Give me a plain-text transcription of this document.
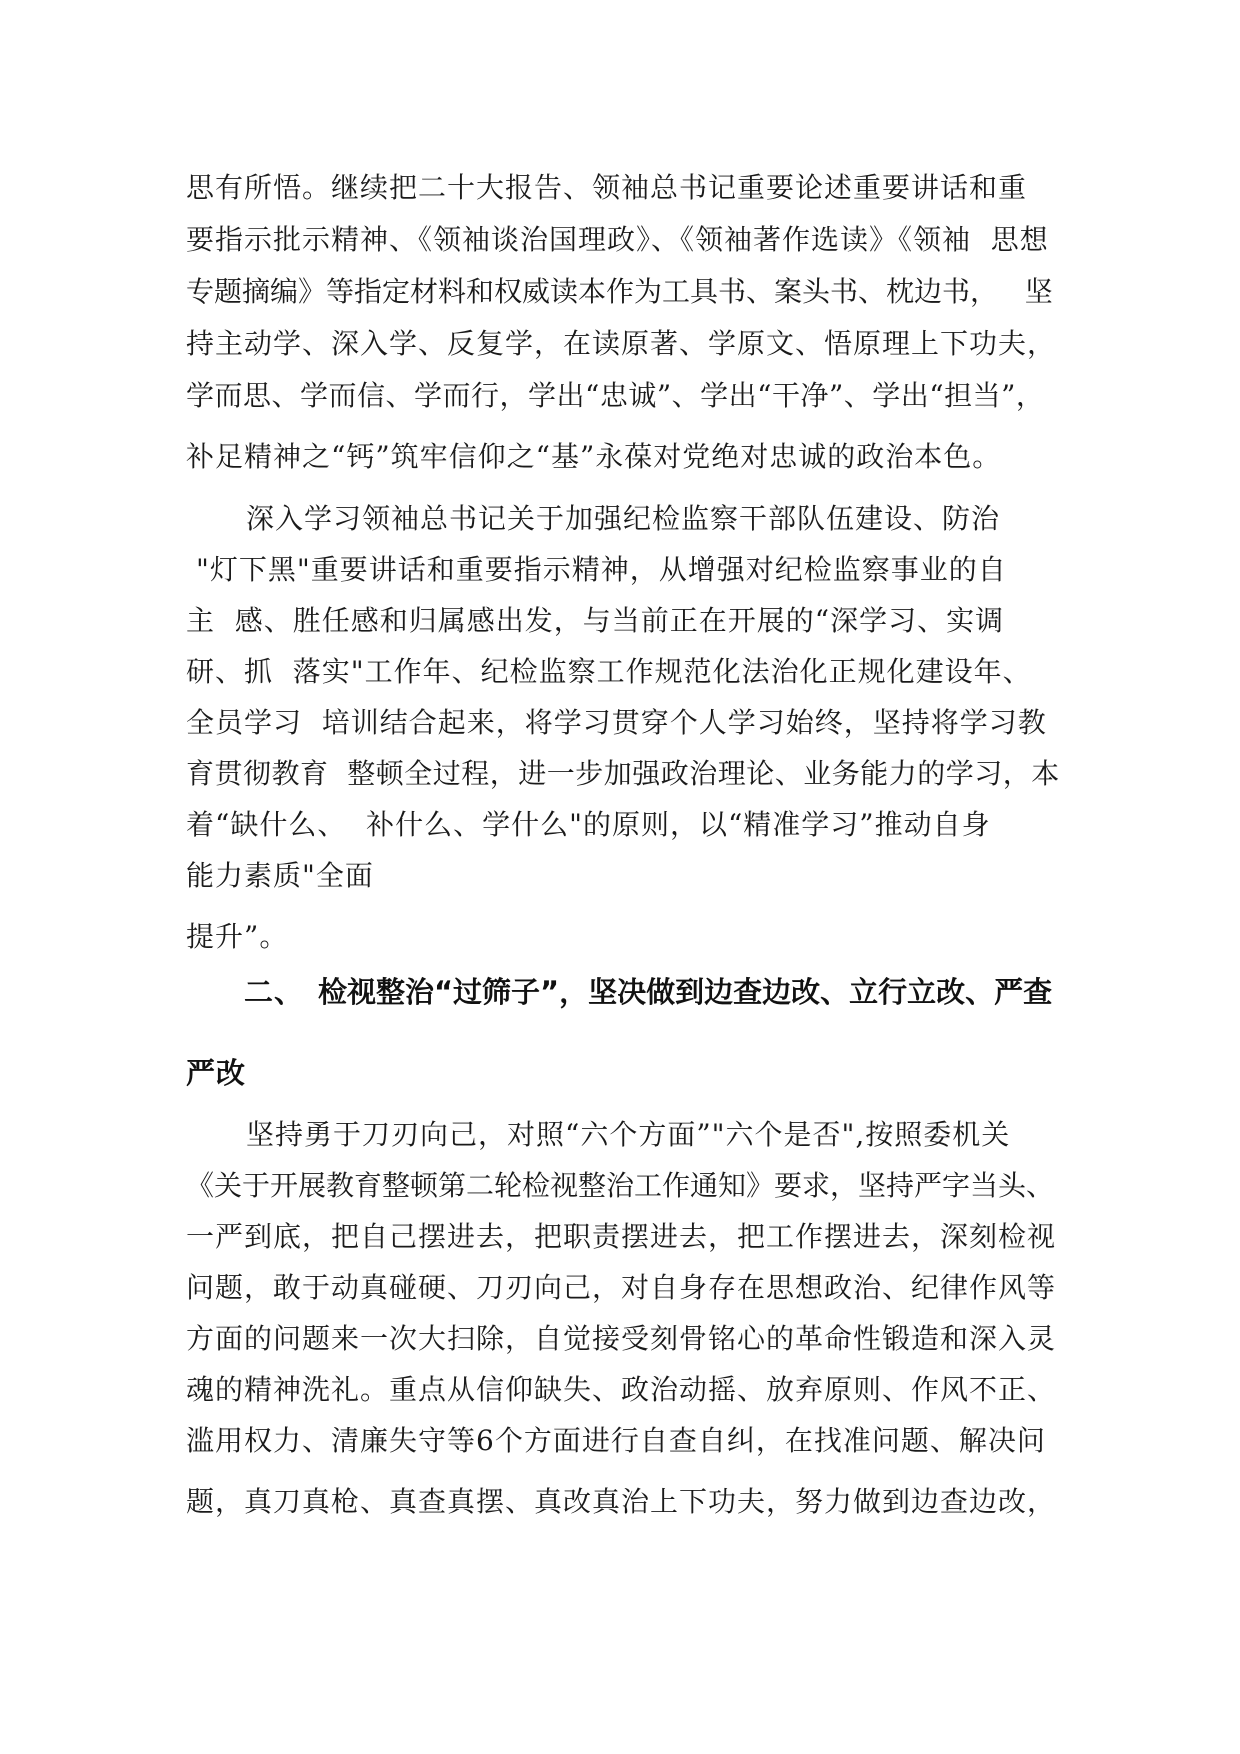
思有所悟。继续把二十大报告、领袖总书记重要论述重要讲话和重
要指示批示精神、《领袖谈治国理政》、《领袖著作选读》《领袖  思想
专题摘编》等指定材料和权威读本作为工具书、案头书、枕边书，   坚
持主动学、深入学、反复学，在读原著、学原文、悟原理上下功夫，
学而思、学而信、学而行，学出“忠诚”、学出“干净”、学出“担当”，
补足精神之“钙”筑牢信仰之“基”永葆对党绝对忠诚的政治本色。
深入学习领袖总书记关于加强纪检监察干部队伍建设、防治
"灯下黑"重要讲话和重要指示精神，从增强对纪检监察事业的自
主  感、胜任感和归属感出发，与当前正在开展的“深学习、实调
研、抓  落实"工作年、纪检监察工作规范化法治化正规化建设年、
全员学习  培训结合起来，将学习贯穿个人学习始终，坚持将学习教
育贯彻教育  整顿全过程，进一步加强政治理论、业务能力的学习，本
着“缺什么、  补什么、学什么"的原则，以“精准学习”推动自身
能力素质"全面
提升”。
二、 检视整治“过筛子”，坚决做到边查边改、立行立改、严查
严改
坚持勇于刀刃向己，对照“六个方面”"六个是否",按照委机关
《关于开展教育整顿第二轮检视整治工作通知》要求，坚持严字当头、
一严到底，把自己摆进去，把职责摆进去，把工作摆进去，深刻检视
问题，敢于动真碰硬、刀刃向己，对自身存在思想政治、纪律作风等
方面的问题来一次大扫除，自觉接受刻骨铭心的革命性锻造和深入灵
魂的精神洗礼。重点从信仰缺失、政治动摇、放弃原则、作风不正、
滥用权力、清廉失守等6个方面进行自查自纠，在找准问题、解决问
题，真刀真枪、真查真摆、真改真治上下功夫，努力做到边查边改，
